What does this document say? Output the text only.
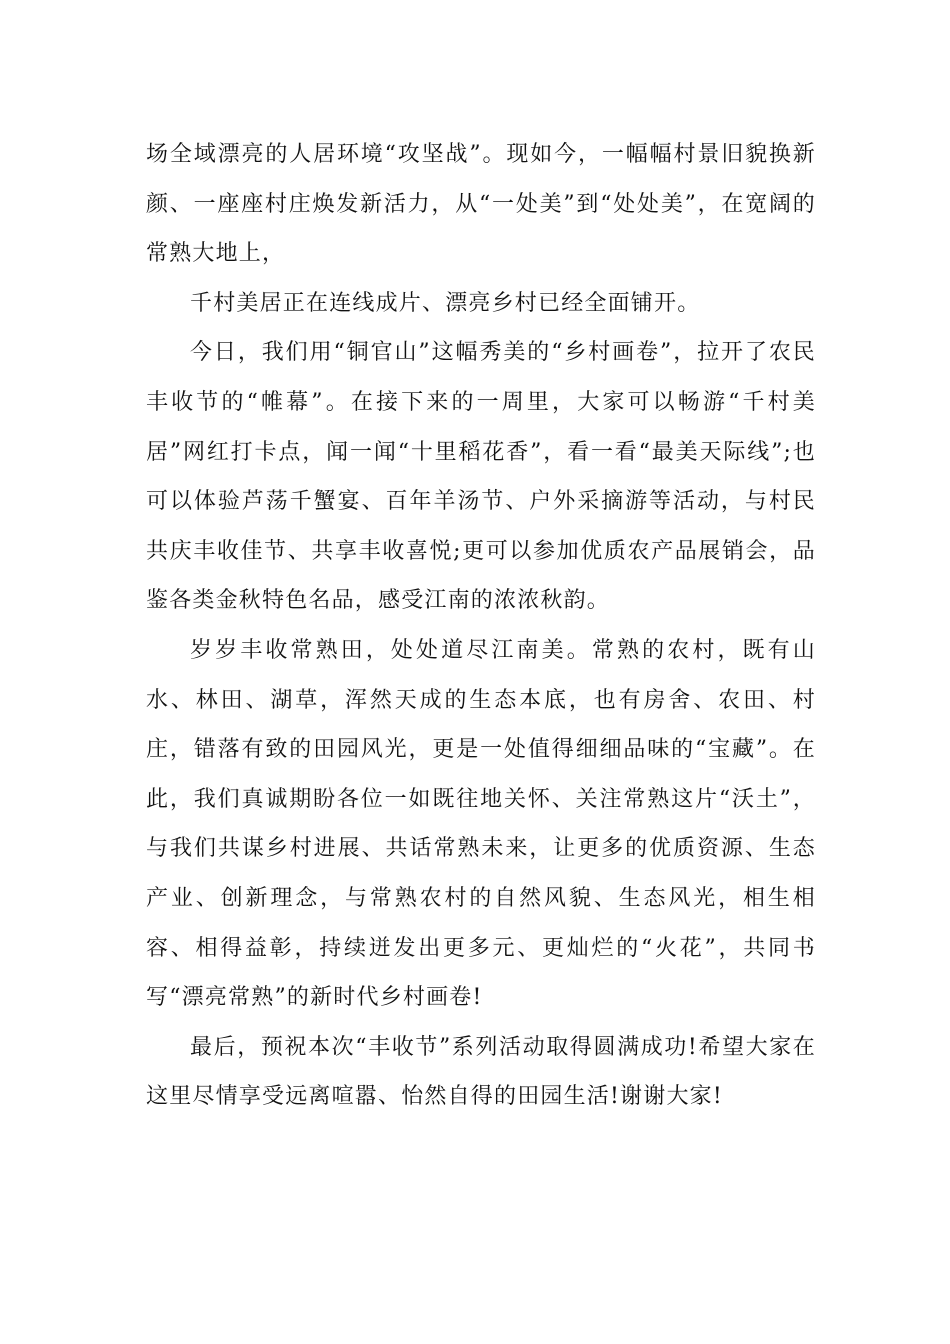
场全域漂亮的人居环境“攻坚战”。现如今，一幅幅村景旧貌换新颜、一座座村庄焕发新活力，从“一处美”到“处处美”，在宽阔的常熟大地上，

千村美居正在连线成片、漂亮乡村已经全面铺开。

今日，我们用“铜官山”这幅秀美的“乡村画卷”，拉开了农民丰收节的“帷幕”。在接下来的一周里，大家可以畅游“千村美居”网红打卡点，闻一闻“十里稻花香”，看一看“最美天际线”;也可以体验芦荡千蟹宴、百年羊汤节、户外采摘游等活动，与村民共庆丰收佳节、共享丰收喜悦;更可以参加优质农产品展销会，品鉴各类金秋特色名品，感受江南的浓浓秋韵。

岁岁丰收常熟田，处处道尽江南美。常熟的农村，既有山水、林田、湖草，浑然天成的生态本底，也有房舍、农田、村庄，错落有致的田园风光，更是一处值得细细品味的“宝藏”。在此，我们真诚期盼各位一如既往地关怀、关注常熟这片“沃土”，与我们共谋乡村进展、共话常熟未来，让更多的优质资源、生态产业、创新理念，与常熟农村的自然风貌、生态风光，相生相容、相得益彰，持续迸发出更多元、更灿烂的“火花”，共同书写“漂亮常熟”的新时代乡村画卷!

最后，预祝本次“丰收节”系列活动取得圆满成功!希望大家在这里尽情享受远离喧嚣、怡然自得的田园生活!谢谢大家!
